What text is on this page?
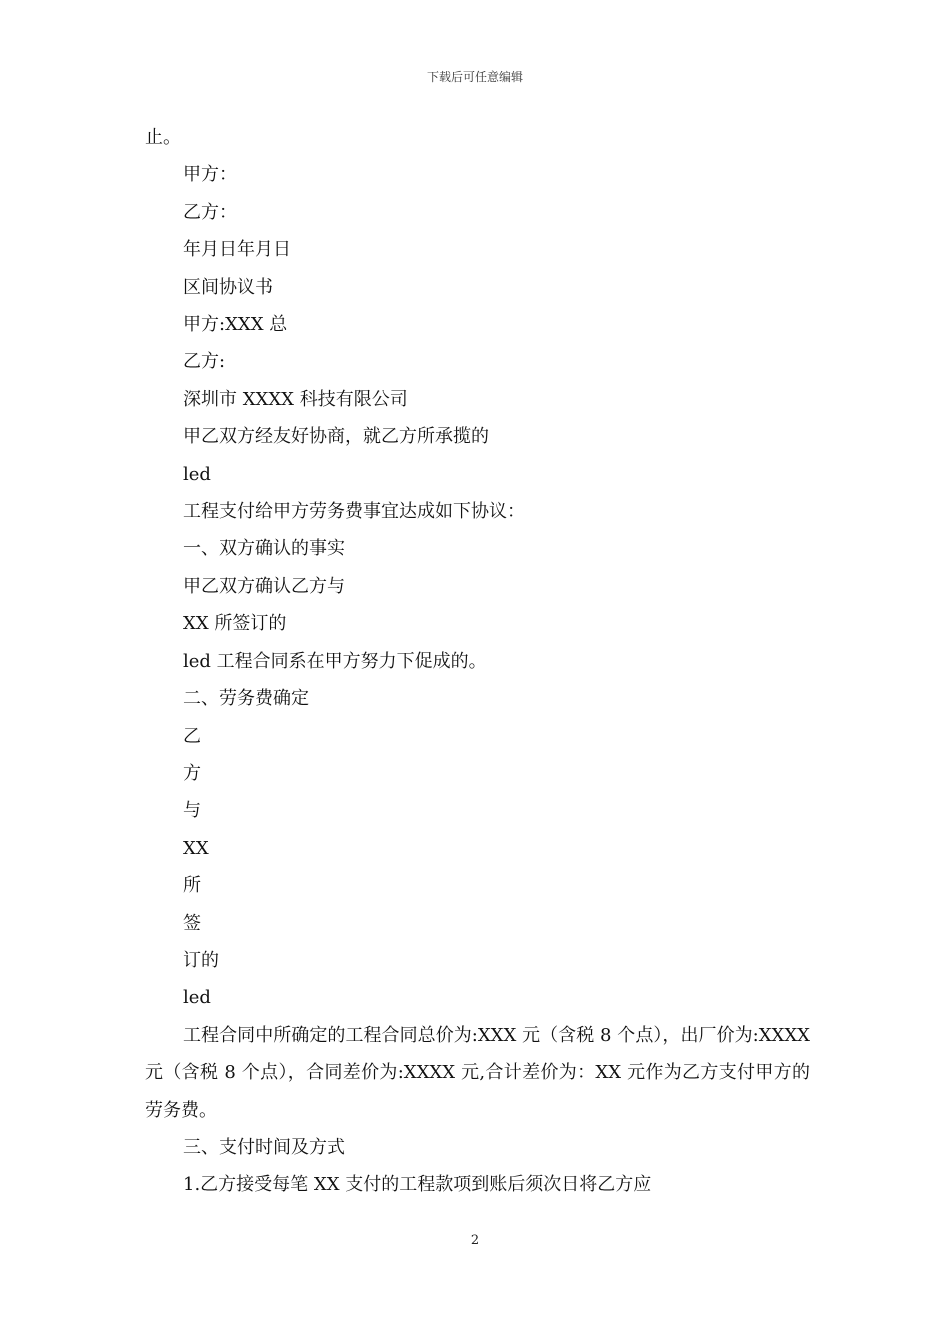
下载后可任意编辑

止。

甲方：

乙方：

年月日年月日

区间协议书

甲方:XXX 总

乙方:

深圳市 XXXX 科技有限公司

甲乙双方经友好协商，就乙方所承揽的

led

工程支付给甲方劳务费事宜达成如下协议：

一、双方确认的事实

甲乙双方确认乙方与

XX 所签订的

led 工程合同系在甲方努力下促成的。

二、劳务费确定

乙

方

与

XX

所

签

订的

led

工程合同中所确定的工程合同总价为:XXX 元（含税 8 个点），出厂价为:XXXX 元（含税 8 个点），合同差价为:XXXX 元,合计差价为：XX 元作为乙方支付甲方的劳务费。

三、支付时间及方式

1.乙方接受每笔 XX 支付的工程款项到账后须次日将乙方应

2
